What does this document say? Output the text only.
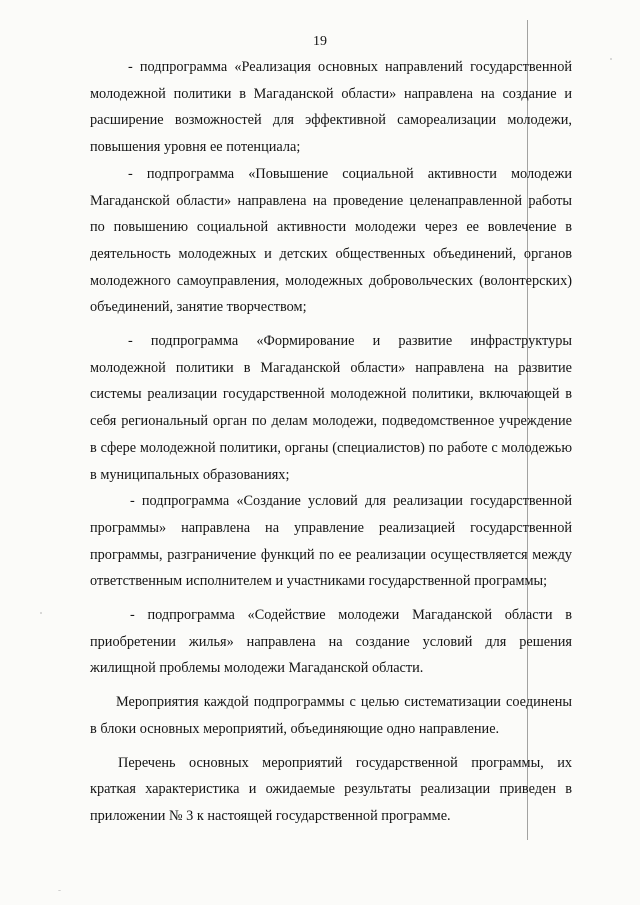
19

- подпрограмма «Реализация основных направлений государственной молодежной политики в Магаданской области» направлена на создание и расширение возможностей для эффективной самореализации молодежи, повышения уровня ее потенциала;

- подпрограмма «Повышение социальной активности молодежи Магаданской области» направлена на проведение целенаправленной работы по повышению социальной активности молодежи через ее вовлечение в деятельность молодежных и детских общественных объединений, органов молодежного самоуправления, молодежных добровольческих (волонтерских) объединений, занятие творчеством;

- подпрограмма «Формирование и развитие инфраструктуры молодежной политики в Магаданской области» направлена на развитие системы реализации государственной молодежной политики, включающей в себя региональный орган по делам молодежи, подведомственное учреждение в сфере молодежной политики, органы (специалистов) по работе с молодежью в муниципальных образованиях;

- подпрограмма «Создание условий для реализации государственной программы» направлена на управление реализацией государственной программы, разграничение функций по ее реализации осуществляется между ответственным исполнителем и участниками государственной программы;

- подпрограмма «Содействие молодежи Магаданской области в приобретении жилья» направлена на создание условий для решения жилищной проблемы молодежи Магаданской области.

Мероприятия каждой подпрограммы с целью систематизации соединены в блоки основных мероприятий, объединяющие одно направление.

Перечень основных мероприятий государственной программы, их краткая характеристика и ожидаемые результаты реализации приведен в приложении № 3 к настоящей государственной программе.
